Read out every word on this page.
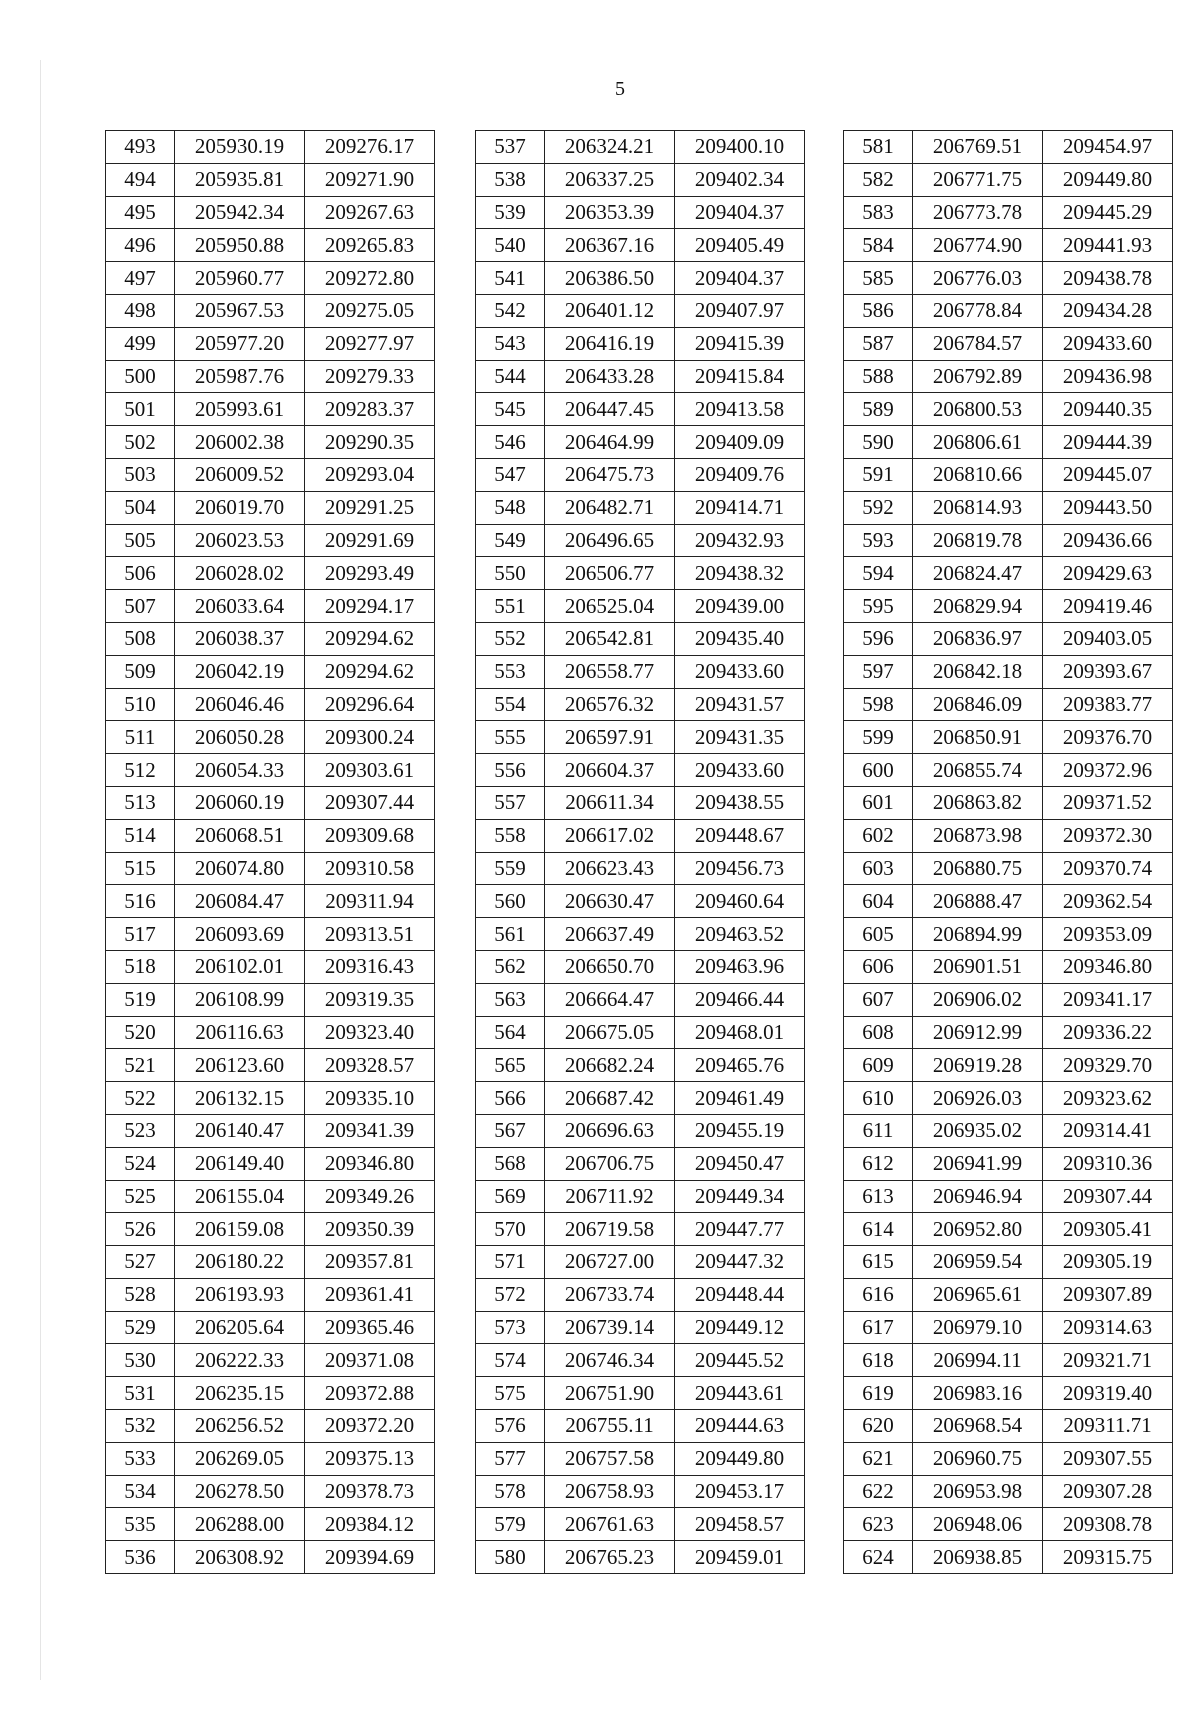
5
493	205930.19	209276.17
494	205935.81	209271.90
495	205942.34	209267.63
496	205950.88	209265.83
497	205960.77	209272.80
498	205967.53	209275.05
499	205977.20	209277.97
500	205987.76	209279.33
501	205993.61	209283.37
502	206002.38	209290.35
503	206009.52	209293.04
504	206019.70	209291.25
505	206023.53	209291.69
506	206028.02	209293.49
507	206033.64	209294.17
508	206038.37	209294.62
509	206042.19	209294.62
510	206046.46	209296.64
511	206050.28	209300.24
512	206054.33	209303.61
513	206060.19	209307.44
514	206068.51	209309.68
515	206074.80	209310.58
516	206084.47	209311.94
517	206093.69	209313.51
518	206102.01	209316.43
519	206108.99	209319.35
520	206116.63	209323.40
521	206123.60	209328.57
522	206132.15	209335.10
523	206140.47	209341.39
524	206149.40	209346.80
525	206155.04	209349.26
526	206159.08	209350.39
527	206180.22	209357.81
528	206193.93	209361.41
529	206205.64	209365.46
530	206222.33	209371.08
531	206235.15	209372.88
532	206256.52	209372.20
533	206269.05	209375.13
534	206278.50	209378.73
535	206288.00	209384.12
536	206308.92	209394.69
537	206324.21	209400.10
538	206337.25	209402.34
539	206353.39	209404.37
540	206367.16	209405.49
541	206386.50	209404.37
542	206401.12	209407.97
543	206416.19	209415.39
544	206433.28	209415.84
545	206447.45	209413.58
546	206464.99	209409.09
547	206475.73	209409.76
548	206482.71	209414.71
549	206496.65	209432.93
550	206506.77	209438.32
551	206525.04	209439.00
552	206542.81	209435.40
553	206558.77	209433.60
554	206576.32	209431.57
555	206597.91	209431.35
556	206604.37	209433.60
557	206611.34	209438.55
558	206617.02	209448.67
559	206623.43	209456.73
560	206630.47	209460.64
561	206637.49	209463.52
562	206650.70	209463.96
563	206664.47	209466.44
564	206675.05	209468.01
565	206682.24	209465.76
566	206687.42	209461.49
567	206696.63	209455.19
568	206706.75	209450.47
569	206711.92	209449.34
570	206719.58	209447.77
571	206727.00	209447.32
572	206733.74	209448.44
573	206739.14	209449.12
574	206746.34	209445.52
575	206751.90	209443.61
576	206755.11	209444.63
577	206757.58	209449.80
578	206758.93	209453.17
579	206761.63	209458.57
580	206765.23	209459.01
581	206769.51	209454.97
582	206771.75	209449.80
583	206773.78	209445.29
584	206774.90	209441.93
585	206776.03	209438.78
586	206778.84	209434.28
587	206784.57	209433.60
588	206792.89	209436.98
589	206800.53	209440.35
590	206806.61	209444.39
591	206810.66	209445.07
592	206814.93	209443.50
593	206819.78	209436.66
594	206824.47	209429.63
595	206829.94	209419.46
596	206836.97	209403.05
597	206842.18	209393.67
598	206846.09	209383.77
599	206850.91	209376.70
600	206855.74	209372.96
601	206863.82	209371.52
602	206873.98	209372.30
603	206880.75	209370.74
604	206888.47	209362.54
605	206894.99	209353.09
606	206901.51	209346.80
607	206906.02	209341.17
608	206912.99	209336.22
609	206919.28	209329.70
610	206926.03	209323.62
611	206935.02	209314.41
612	206941.99	209310.36
613	206946.94	209307.44
614	206952.80	209305.41
615	206959.54	209305.19
616	206965.61	209307.89
617	206979.10	209314.63
618	206994.11	209321.71
619	206983.16	209319.40
620	206968.54	209311.71
621	206960.75	209307.55
622	206953.98	209307.28
623	206948.06	209308.78
624	206938.85	209315.75
